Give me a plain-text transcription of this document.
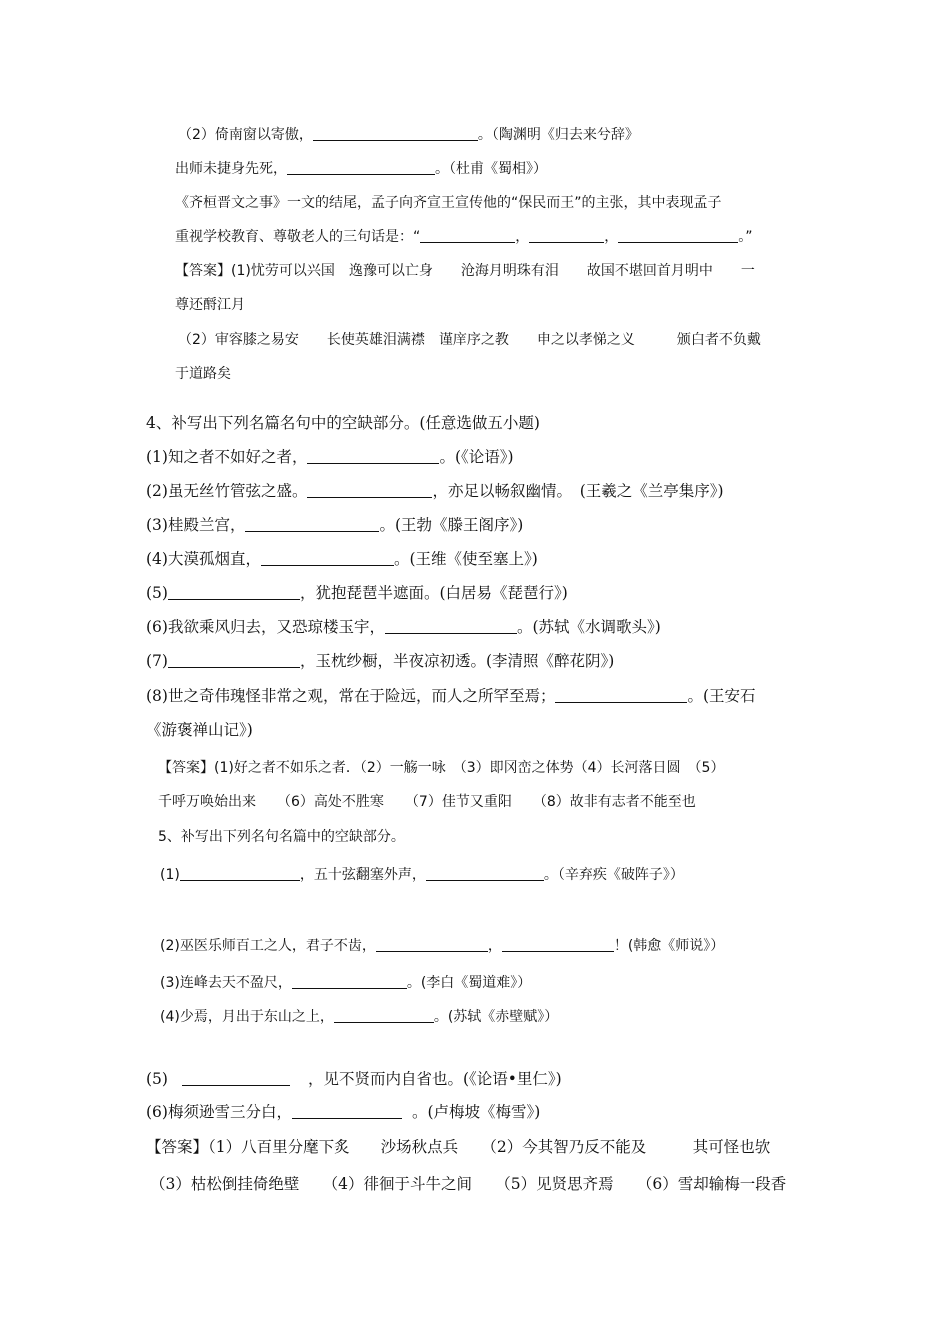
（2）倚南窗以寄傲，	。（陶渊明《归去来兮辞》
出师未捷身先死，	。（杜甫《蜀相》）
《齐桓晋文之事》一文的结尾，孟子向齐宣王宣传他的“保民而王”的主张，其中表现孟子
重视学校教育、尊敬老人的三句话是：“	，	，	。”
【答案】(1)忧劳可以兴国　逸豫可以亡身　　沧海月明珠有泪　　故国不堪回首月明中　　一
尊还酹江月
（2）审容膝之易安　　长使英雄泪满襟　谨庠序之教　　申之以孝悌之义　　　颁白者不负戴
于道路矣
4、补写出下列名篇名句中的空缺部分。(任意选做五小题)
(1)知之者不如好之者，	。(《论语》)
(2)虽无丝竹管弦之盛。	，亦足以畅叙幽情。　(王羲之《兰亭集序》)
(3)桂殿兰宫，	。(王勃《滕王阁序》)
(4)大漠孤烟直，	。(王维《使至塞上》)
(5)	，犹抱琵琶半遮面。(白居易《琵琶行》)
(6)我欲乘风归去，又恐琼楼玉宇，	。(苏轼《水调歌头》)
(7)	，玉枕纱橱，半夜凉初透。(李清照《醉花阴》)
(8)世之奇伟瑰怪非常之观，常在于险远，而人之所罕至焉；	。(王安石
《游褒禅山记》)
【答案】(1)好之者不如乐之者．（2）一觞一咏　（3）即冈峦之体势（4）长河落日圆　（5）
千呼万唤始出来　　（6）高处不胜寒　　（7）佳节又重阳　　（8）故非有志者不能至也
5、补写出下列名句名篇中的空缺部分。
(1)	，五十弦翻塞外声，	。（辛弃疾《破阵子》）
(2)巫医乐师百工之人，君子不齿，	，	！(韩愈《师说》）
(3)连峰去天不盈尺，	。(李白《蜀道难》）
(4)少焉，月出于东山之上，	。(苏轼《赤壁赋》）
(5)	，见不贤而内自省也。(《论语•里仁》)
(6)梅须逊雪三分白，	。(卢梅坡《梅雪》)
【答案】（1）八百里分麾下炙　　沙场秋点兵　　（2）今其智乃反不能及　　　其可怪也欤
（3）枯松倒挂倚绝壁　　（4）徘徊于斗牛之间　　（5）见贤思齐焉　　（6）雪却输梅一段香
